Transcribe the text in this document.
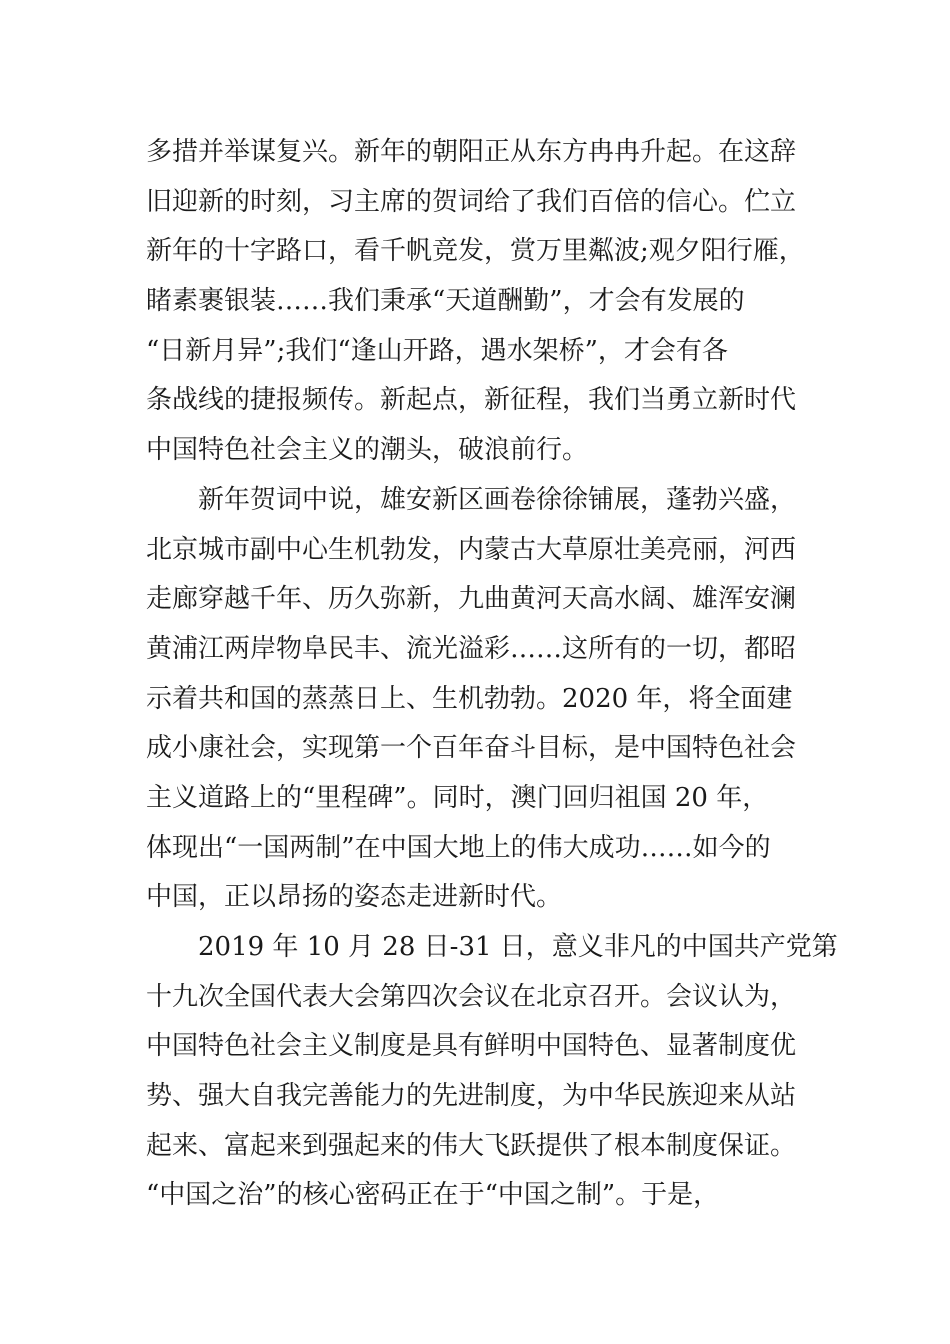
多措并举谋复兴。新年的朝阳正从东方冉冉升起。在这辞
旧迎新的时刻，习主席的贺词给了我们百倍的信心。伫立
新年的十字路口，看千帆竞发，赏万里粼波;观夕阳行雁，
睹素裹银装……我们秉承“天道酬勤”，才会有发展的
“日新月异”;我们“逢山开路，遇水架桥”，才会有各
条战线的捷报频传。新起点，新征程，我们当勇立新时代
中国特色社会主义的潮头，破浪前行。
新年贺词中说，雄安新区画卷徐徐铺展，蓬勃兴盛，
北京城市副中心生机勃发，内蒙古大草原壮美亮丽，河西
走廊穿越千年、历久弥新，九曲黄河天高水阔、雄浑安澜
黄浦江两岸物阜民丰、流光溢彩……这所有的一切，都昭
示着共和国的蒸蒸日上、生机勃勃。2020 年，将全面建
成小康社会，实现第一个百年奋斗目标，是中国特色社会
主义道路上的“里程碑”。同时，澳门回归祖国 20 年，
体现出“一国两制”在中国大地上的伟大成功……如今的
中国，正以昂扬的姿态走进新时代。
2019 年 10 月 28 日-31 日，意义非凡的中国共产党第
十九次全国代表大会第四次会议在北京召开。会议认为，
中国特色社会主义制度是具有鲜明中国特色、显著制度优
势、强大自我完善能力的先进制度，为中华民族迎来从站
起来、富起来到强起来的伟大飞跃提供了根本制度保证。
“中国之治”的核心密码正在于“中国之制”。于是，
